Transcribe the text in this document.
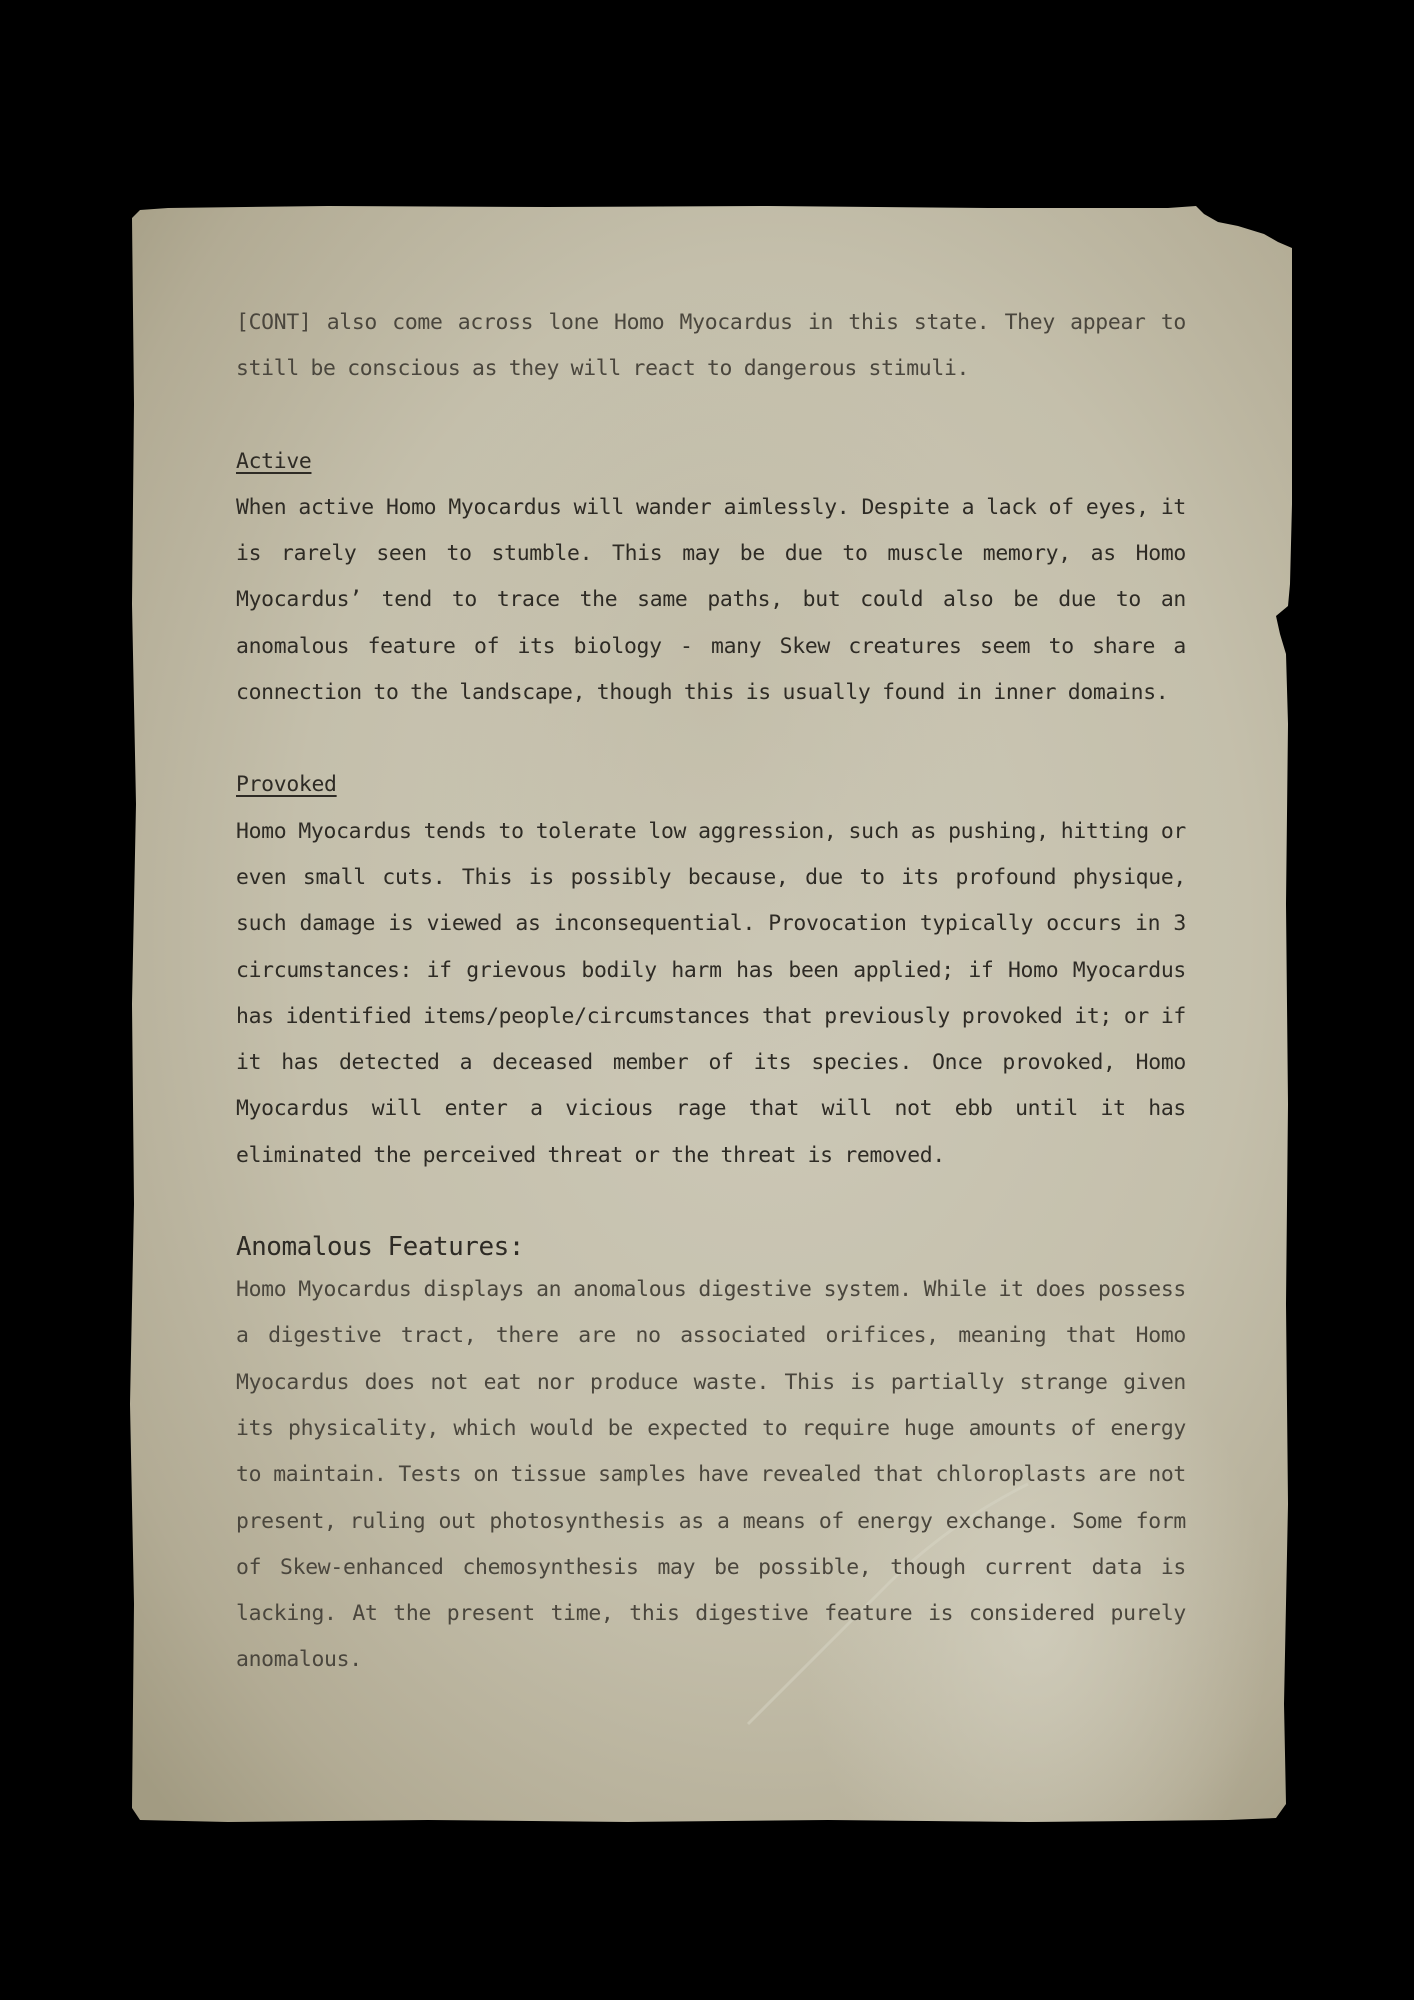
[CONT] also come across lone Homo Myocardus in this state. They appear to still be conscious as they will react to dangerous stimuli.

Active

When active Homo Myocardus will wander aimlessly. Despite a lack of eyes, it is rarely seen to stumble. This may be due to muscle memory, as Homo Myocardus’ tend to trace the same paths, but could also be due to an anomalous feature of its biology - many Skew creatures seem to share a connection to the landscape, though this is usually found in inner domains.

Provoked

Homo Myocardus tends to tolerate low aggression, such as pushing, hitting or even small cuts. This is possibly because, due to its profound physique, such damage is viewed as inconsequential. Provocation typically occurs in 3 circumstances: if grievous bodily harm has been applied; if Homo Myocardus has identified items/people/circumstances that previously provoked it; or if it has detected a deceased member of its species. Once provoked, Homo Myocardus will enter a vicious rage that will not ebb until it has eliminated the perceived threat or the threat is removed.

Anomalous Features:

Homo Myocardus displays an anomalous digestive system. While it does possess a digestive tract, there are no associated orifices, meaning that Homo Myocardus does not eat nor produce waste. This is partially strange given its physicality, which would be expected to require huge amounts of energy to maintain. Tests on tissue samples have revealed that chloroplasts are not present, ruling out photosynthesis as a means of energy exchange. Some form of Skew-enhanced chemosynthesis may be possible, though current data is lacking. At the present time, this digestive feature is considered purely anomalous.
